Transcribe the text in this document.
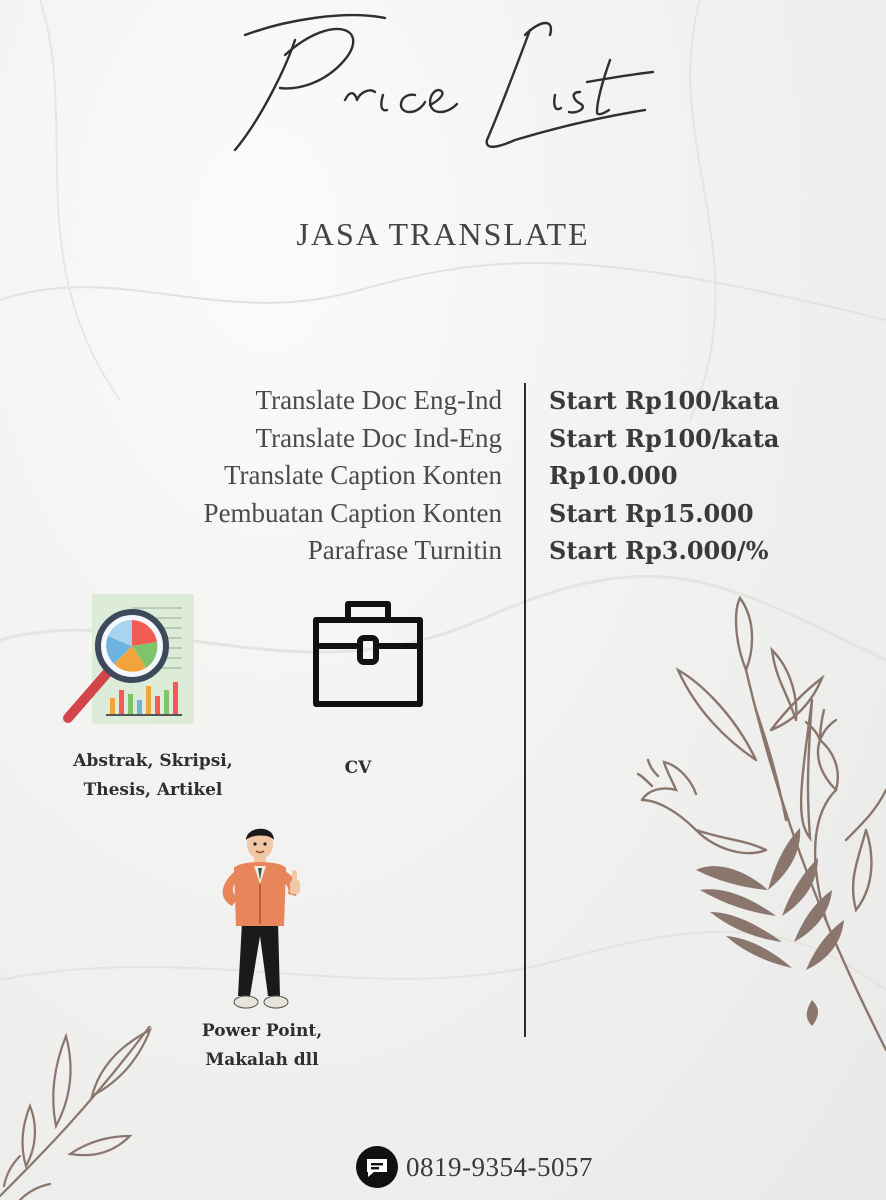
JASA TRANSLATE
Translate Doc Eng-Ind
Translate Doc Ind-Eng
Translate Caption Konten
Pembuatan Caption Konten
Parafrase Turnitin
Start Rp100/kata
Start Rp100/kata
Rp10.000
Start Rp15.000
Start Rp3.000/%
Abstrak, Skripsi,
Thesis, Artikel
CV
Power Point,
Makalah dll
0819-9354-5057
